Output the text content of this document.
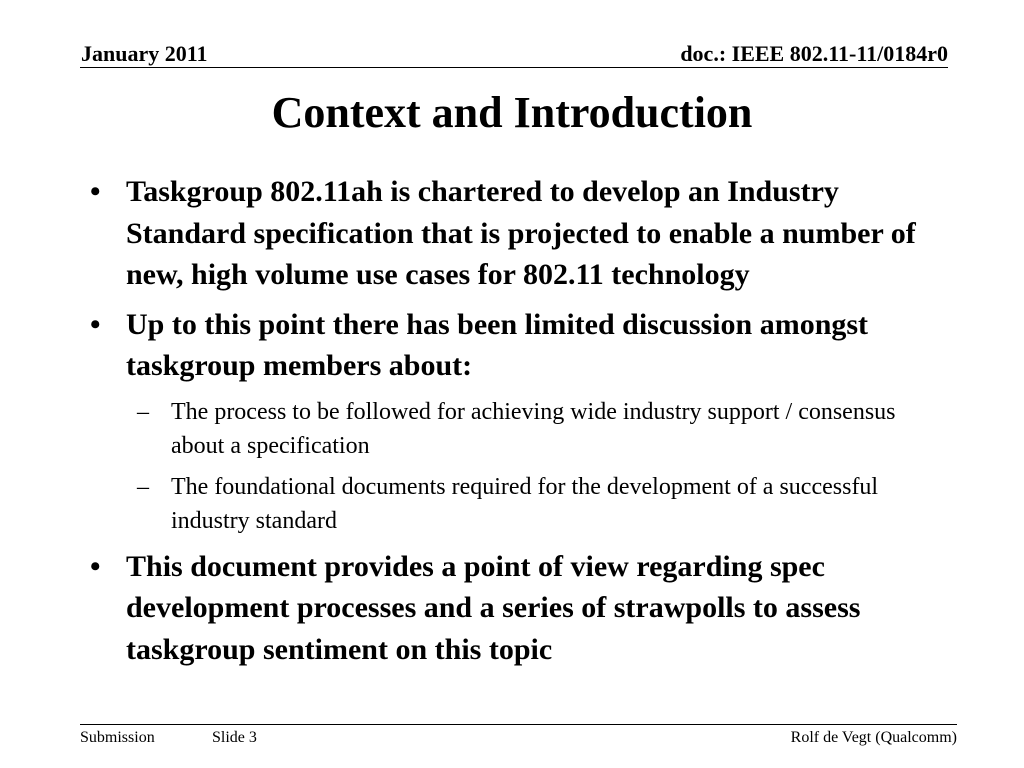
January 2011	doc.: IEEE 802.11-11/0184r0
Context and Introduction
• Taskgroup 802.11ah is chartered to develop an Industry Standard specification that is projected to enable a number of new, high volume use cases for 802.11 technology
• Up to this point there has been limited discussion amongst taskgroup members about:
– The process to be followed for achieving wide industry support / consensus about a specification
– The foundational documents required for the development of a successful industry standard
• This document provides a point of view regarding spec development processes and a series of strawpolls to assess taskgroup sentiment on this topic
Submission	Slide 3	Rolf de Vegt (Qualcomm)
